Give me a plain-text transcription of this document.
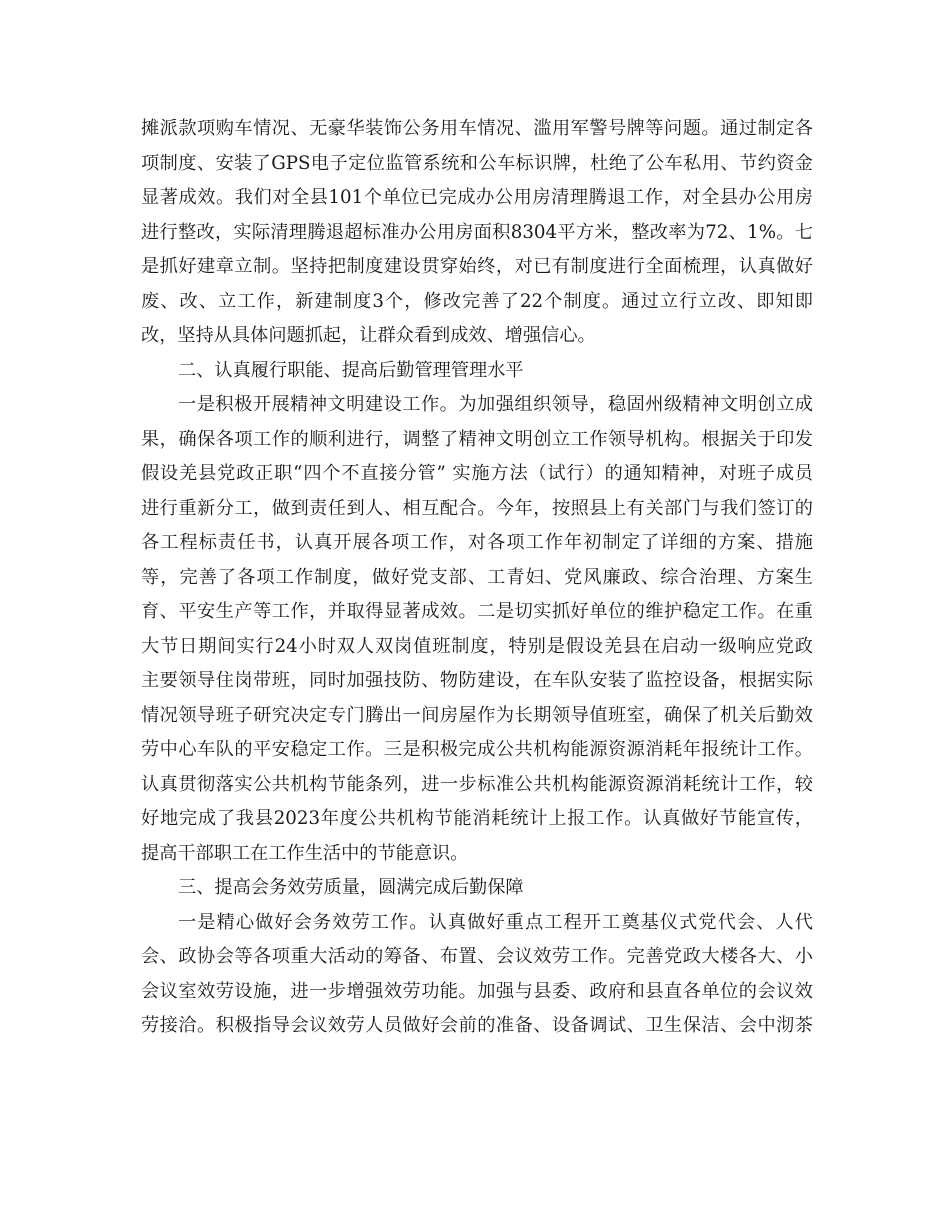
摊派款项购车情况、无豪华装饰公务用车情况、滥用军警号牌等问题。通过制定各
项制度、安装了GPS电子定位监管系统和公车标识牌，杜绝了公车私用、节约资金
显著成效。我们对全县101个单位已完成办公用房清理腾退工作，对全县办公用房
进行整改，实际清理腾退超标准办公用房面积8304平方米，整改率为72、1%。七
是抓好建章立制。坚持把制度建设贯穿始终，对已有制度进行全面梳理，认真做好
废、改、立工作，新建制度3个，修改完善了22个制度。通过立行立改、即知即
改，坚持从具体问题抓起，让群众看到成效、增强信心。
二、认真履行职能、提高后勤管理管理水平
一是积极开展精神文明建设工作。为加强组织领导，稳固州级精神文明创立成
果，确保各项工作的顺利进行，调整了精神文明创立工作领导机构。根据关于印发
假设羌县党政正职“四个不直接分管” 实施方法（试行）的通知精神，对班子成员
进行重新分工，做到责任到人、相互配合。今年，按照县上有关部门与我们签订的
各工程标责任书，认真开展各项工作，对各项工作年初制定了详细的方案、措施
等，完善了各项工作制度，做好党支部、工青妇、党风廉政、综合治理、方案生
育、平安生产等工作，并取得显著成效。二是切实抓好单位的维护稳定工作。在重
大节日期间实行24小时双人双岗值班制度，特别是假设羌县在启动一级响应党政
主要领导住岗带班，同时加强技防、物防建设，在车队安装了监控设备，根据实际
情况领导班子研究决定专门腾出一间房屋作为长期领导值班室，确保了机关后勤效
劳中心车队的平安稳定工作。三是积极完成公共机构能源资源消耗年报统计工作。
认真贯彻落实公共机构节能条列，进一步标准公共机构能源资源消耗统计工作，较
好地完成了我县2023年度公共机构节能消耗统计上报工作。认真做好节能宣传，
提高干部职工在工作生活中的节能意识。
三、提高会务效劳质量，圆满完成后勤保障
一是精心做好会务效劳工作。认真做好重点工程开工奠基仪式党代会、人代
会、政协会等各项重大活动的筹备、布置、会议效劳工作。完善党政大楼各大、小
会议室效劳设施，进一步增强效劳功能。加强与县委、政府和县直各单位的会议效
劳接洽。积极指导会议效劳人员做好会前的准备、设备调试、卫生保洁、会中沏茶
